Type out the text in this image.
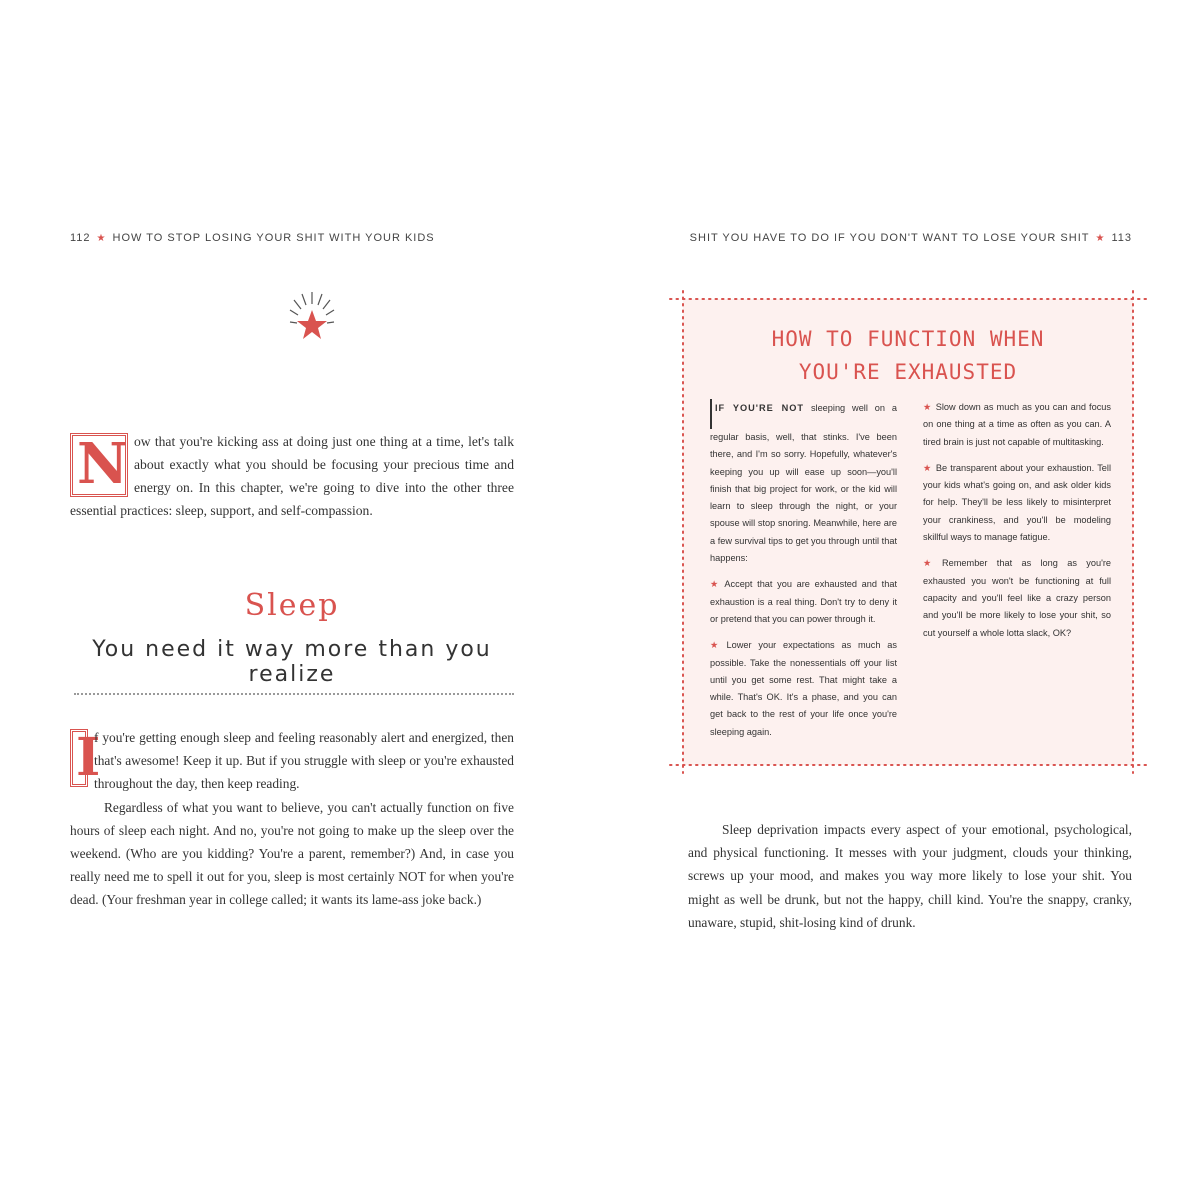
112 ★ HOW TO STOP LOSING YOUR SHIT WITH YOUR KIDS	SHIT YOU HAVE TO DO IF YOU DON'T WANT TO LOSE YOUR SHIT ★ 113
N ow that you're kicking ass at doing just one thing at a time, let's talk about exactly what you should be focusing your precious time and energy on. In this chapter, we're going to dive into the other three essential practices: sleep, support, and self-compassion.
Sleep
You need it way more than you realize

I
f you're getting enough sleep and feeling reasonably alert and energized, then that's awesome! Keep it up. But if you struggle with sleep or you're exhausted throughout the day, then keep reading.

Regardless of what you want to believe, you can't actually function on five hours of sleep each night. And no, you're not going to make up the sleep over the weekend. (Who are you kidding? You're a parent, remember?) And, in case you really need me to spell it out for you, sleep is most certainly NOT for when you're dead. (Your freshman year in college called; it wants its lame-ass joke back.)

HOW TO FUNCTION WHEN
YOU'RE EXHAUSTED

IF YOU'RE NOT sleeping well on a regular basis, well, that stinks. I've been there, and I'm so sorry. Hopefully, whatever's keeping you up will ease up soon—you'll finish that big project for work, or the kid will learn to sleep through the night, or your spouse will stop snoring. Meanwhile, here are a few survival tips to get you through until that happens:

★ Accept that you are exhausted and that exhaustion is a real thing. Don't try to deny it or pretend that you can power through it.

★ Lower your expectations as much as possible. Take the nonessentials off your list until you get some rest. That might take a while. That's OK. It's a phase, and you can get back to the rest of your life once you're sleeping again.

★ Slow down as much as you can and focus on one thing at a time as often as you can. A tired brain is just not capable of multitasking.

★ Be transparent about your exhaustion. Tell your kids what's going on, and ask older kids for help. They'll be less likely to misinterpret your crankiness, and you'll be modeling skillful ways to manage fatigue.

★ Remember that as long as you're exhausted you won't be functioning at full capacity and you'll feel like a crazy person and you'll be more likely to lose your shit, so cut yourself a whole lotta slack, OK?

Sleep deprivation impacts every aspect of your emotional, psychological, and physical functioning. It messes with your judgment, clouds your thinking, screws up your mood, and makes you way more likely to lose your shit. You might as well be drunk, but not the happy, chill kind. You're the snappy, cranky, unaware, stupid, shit-losing kind of drunk.
